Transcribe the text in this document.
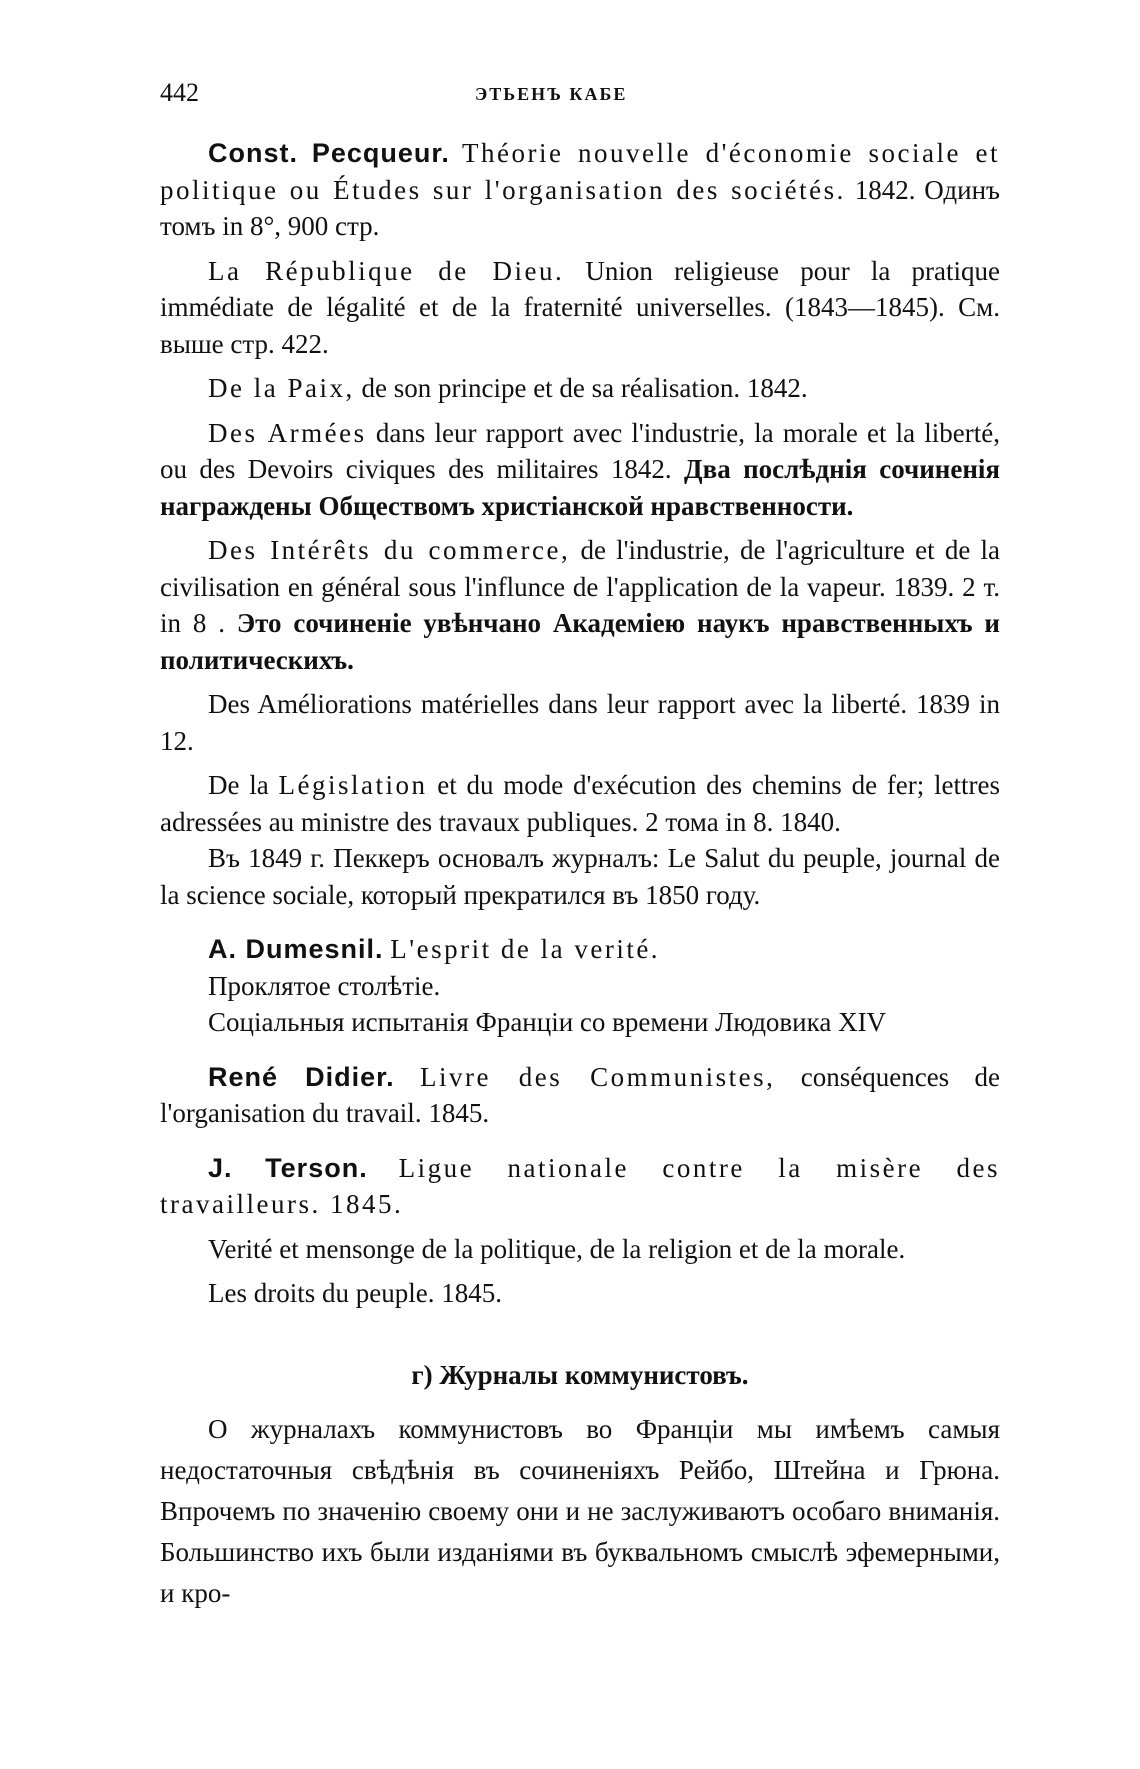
442	ЭТЬЕНЪ КАБЕ

Const. Pecqueur. Théorie nouvelle d'économie sociale et politique ou Études sur l'organisation des sociétés. 1842. Одинъ томъ in 8°, 900 стр.

La République de Dieu. Union religieuse pour la pratique immédiate de légalité et de la fraternité universelles. (1843—1845). См. выше стр. 422.

De la Paix, de son principe et de sa réalisation. 1842.

Des Armées dans leur rapport avec l'industrie, la morale et la liberté, ou des Devoirs civiques des militaires 1842. Два послѣднія сочиненія награждены Обществомъ христіанской нравственности.

Des Intérêts du commerce, de l'industrie, de l'agriculture et de la civilisation en général sous l'influnce de l'application de la vapeur. 1839. 2 т. in 8 . Это сочиненіе увѣнчано Академіею наукъ нравственныхъ и политическихъ.

Des Améliorations matérielles dans leur rapport avec la liberté. 1839 in 12.

De la Législation et du mode d'exécution des chemins de fer; lettres adressées au ministre des travaux publiques. 2 тома in 8. 1840.

Въ 1849 г. Пеккеръ основалъ журналъ: Le Salut du peuple, journal de la science sociale, который прекратился въ 1850 году.

A. Dumesnil. L'esprit de la verité.

Проклятое столѣтіе.

Соціальныя испытанія Франціи со времени Людовика XIV

René Didier. Livre des Communistes, conséquences de l'organisation du travail. 1845.

J. Terson. Ligue nationale contre la misère des travailleurs. 1845.

Verité et mensonge de la politique, de la religion et de la morale.

Les droits du peuple. 1845.

г) Журналы коммунистовъ.

О журналахъ коммунистовъ во Франціи мы имѣемъ самыя недостаточныя свѣдѣнія въ сочиненіяхъ Рейбо, Штейна и Грюна. Впрочемъ по значенію своему они и не заслуживаютъ особаго вниманія. Большинство ихъ были изданіями въ буквальномъ смыслѣ эфемерными, и кро-
